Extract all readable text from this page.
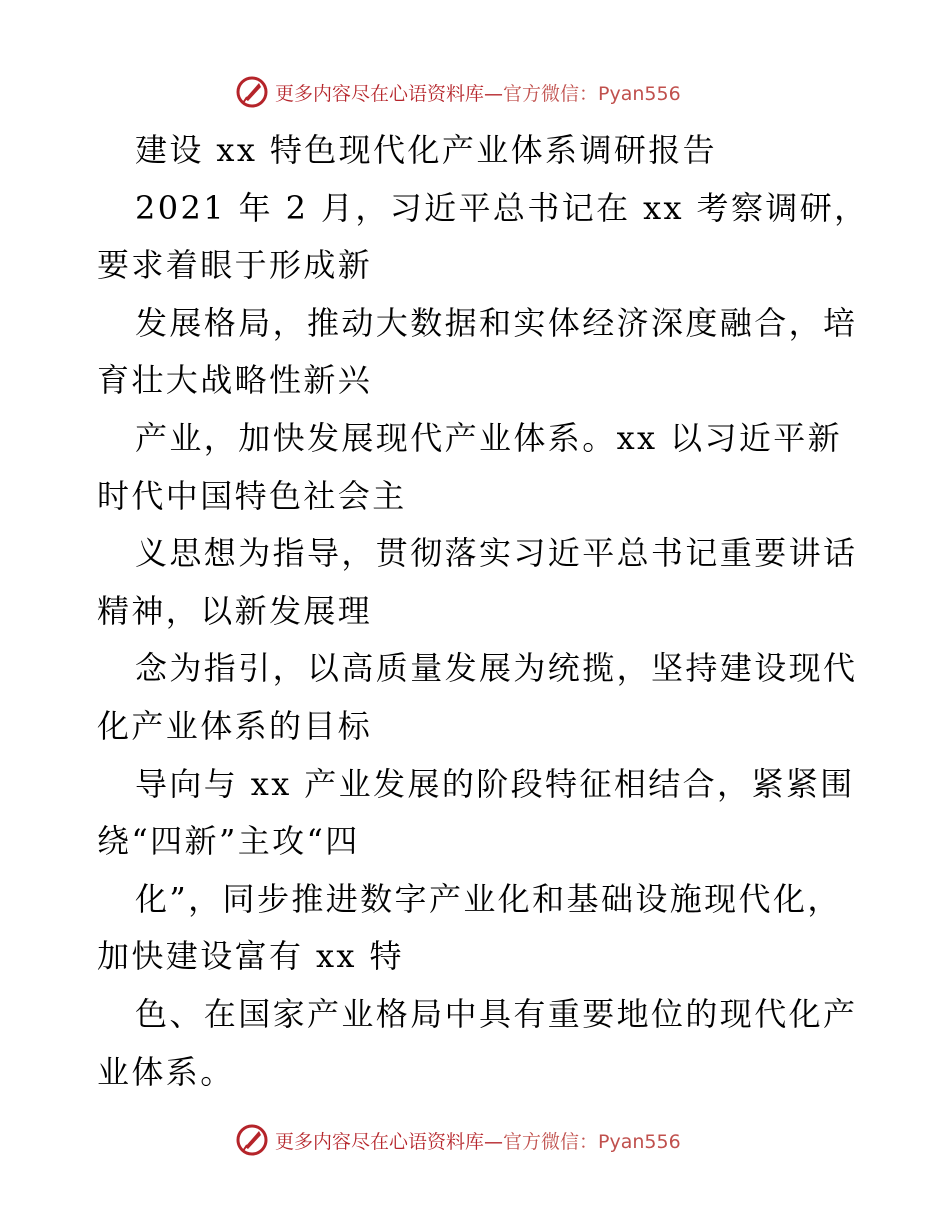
更多内容尽在心语资料库—官方微信：Pyan556
建设 xx 特色现代化产业体系调研报告
2021 年 2 月，习近平总书记在 xx 考察调研，
要求着眼于形成新
发展格局，推动大数据和实体经济深度融合，培
育壮大战略性新兴
产业，加快发展现代产业体系。xx 以习近平新
时代中国特色社会主
义思想为指导，贯彻落实习近平总书记重要讲话
精神，以新发展理
念为指引，以高质量发展为统揽，坚持建设现代
化产业体系的目标
导向与 xx 产业发展的阶段特征相结合，紧紧围
绕“四新”主攻“四
化”，同步推进数字产业化和基础设施现代化，
加快建设富有 xx 特
色、在国家产业格局中具有重要地位的现代化产
业体系。
更多内容尽在心语资料库—官方微信：Pyan556
